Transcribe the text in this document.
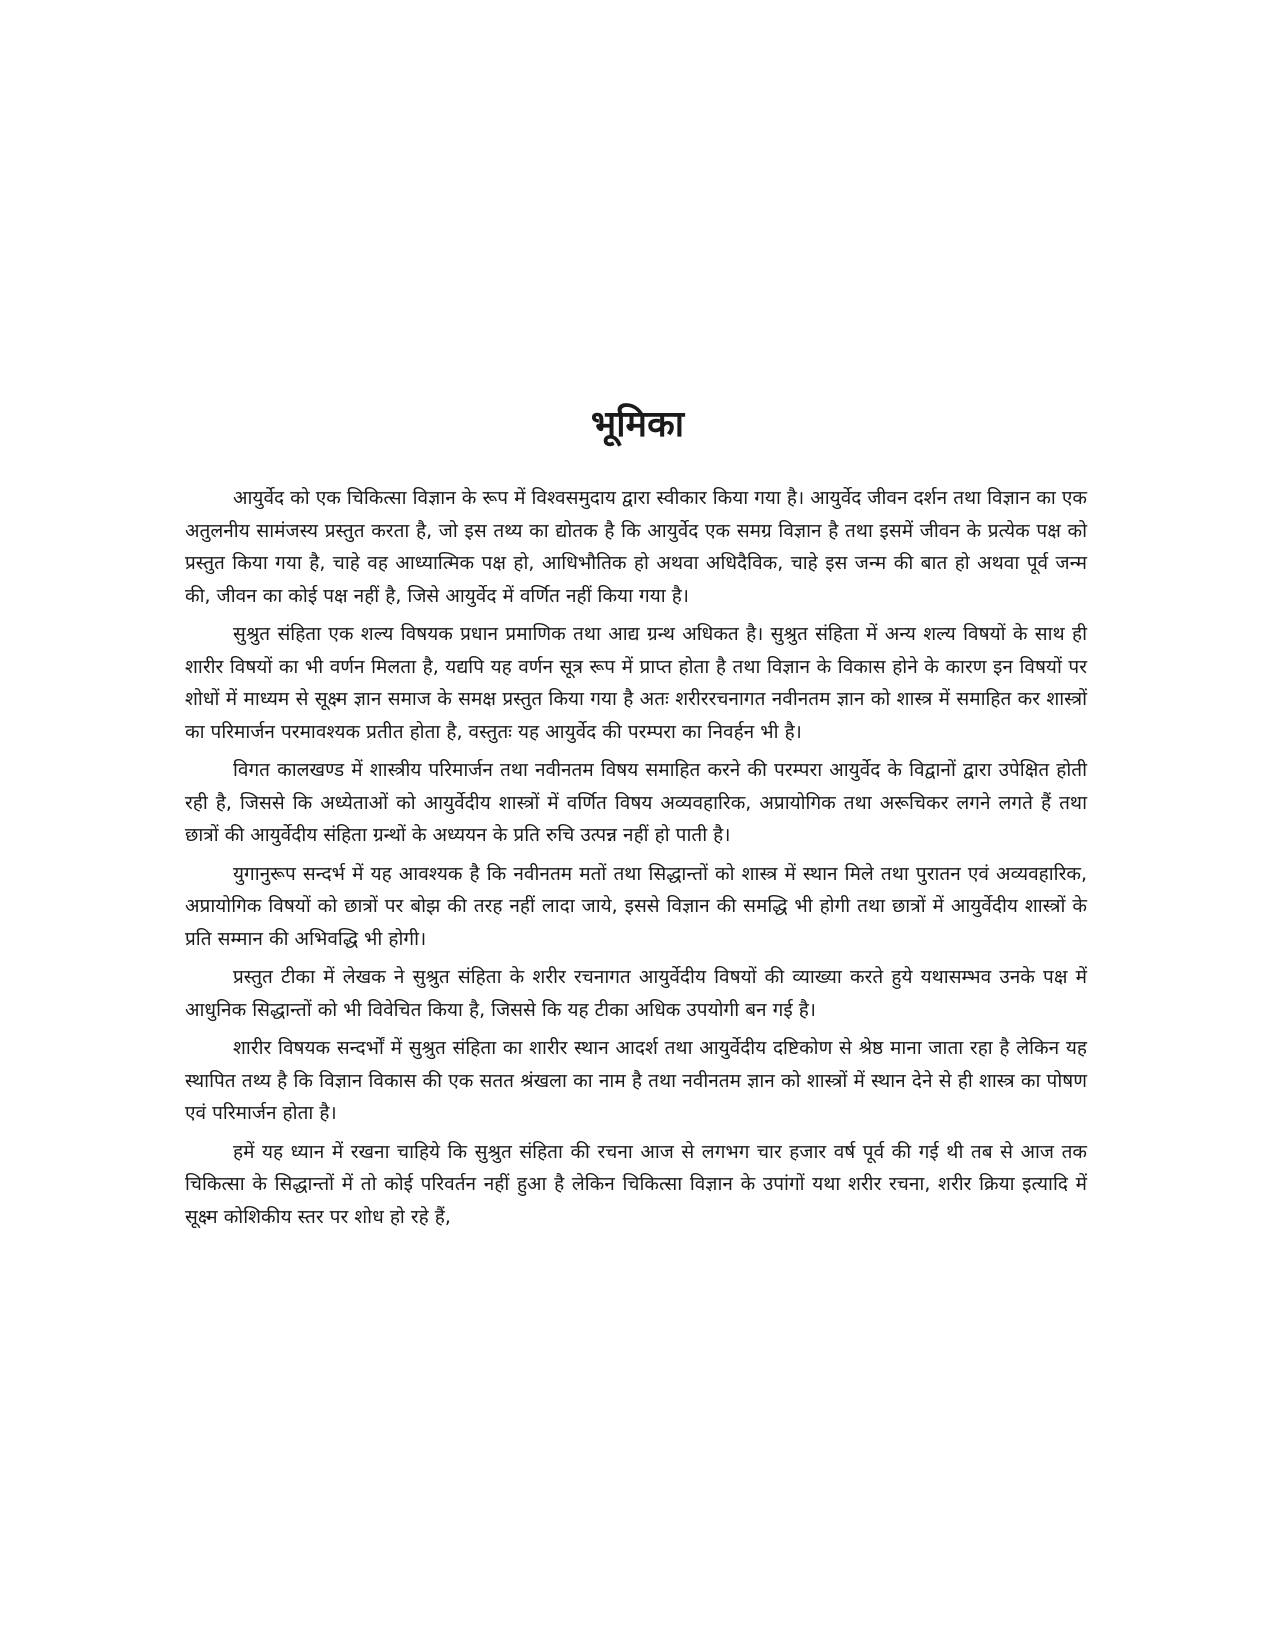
भूमिका

आयुर्वेद को एक चिकित्सा विज्ञान के रूप में विश्वसमुदाय द्वारा स्वीकार किया गया है। आयुर्वेद जीवन दर्शन तथा विज्ञान का एक अतुलनीय सामंजस्य प्रस्तुत करता है, जो इस तथ्य का द्योतक है कि आयुर्वेद एक समग्र विज्ञान है तथा इसमें जीवन के प्रत्येक पक्ष को प्रस्तुत किया गया है, चाहे वह आध्यात्मिक पक्ष हो, आधिभौतिक हो अथवा अधिदैविक, चाहे इस जन्म की बात हो अथवा पूर्व जन्म की, जीवन का कोई पक्ष नहीं है, जिसे आयुर्वेद में वर्णित नहीं किया गया है।

सुश्रुत संहिता एक शल्य विषयक प्रधान प्रमाणिक तथा आद्य ग्रन्थ अधिकत है। सुश्रुत संहिता में अन्य शल्य विषयों के साथ ही शारीर विषयों का भी वर्णन मिलता है, यद्यपि यह वर्णन सूत्र रूप में प्राप्त होता है तथा विज्ञान के विकास होने के कारण इन विषयों पर शोधों में माध्यम से सूक्ष्म ज्ञान समाज के समक्ष प्रस्तुत किया गया है अतः शरीररचनागत नवीनतम ज्ञान को शास्त्र में समाहित कर शास्त्रों का परिमार्जन परमावश्यक प्रतीत होता है, वस्तुतः यह आयुर्वेद की परम्परा का निवर्हन भी है।

विगत कालखण्ड में शास्त्रीय परिमार्जन तथा नवीनतम विषय समाहित करने की परम्परा आयुर्वेद के विद्वानों द्वारा उपेक्षित होती रही है, जिससे कि अध्येताओं को आयुर्वेदीय शास्त्रों में वर्णित विषय अव्यवहारिक, अप्रायोगिक तथा अरूचिकर लगने लगते हैं तथा छात्रों की आयुर्वेदीय संहिता ग्रन्थों के अध्ययन के प्रति रुचि उत्पन्न नहीं हो पाती है।

युगानुरूप सन्दर्भ में यह आवश्यक है कि नवीनतम मतों तथा सिद्धान्तों को शास्त्र में स्थान मिले तथा पुरातन एवं अव्यवहारिक, अप्रायोगिक विषयों को छात्रों पर बोझ की तरह नहीं लादा जाये, इससे विज्ञान की समद्धि भी होगी तथा छात्रों में आयुर्वेदीय शास्त्रों के प्रति सम्मान की अभिवद्धि भी होगी।

प्रस्तुत टीका में लेखक ने सुश्रुत संहिता के शरीर रचनागत आयुर्वेदीय विषयों की व्याख्या करते हुये यथासम्भव उनके पक्ष में आधुनिक सिद्धान्तों को भी विवेचित किया है, जिससे कि यह टीका अधिक उपयोगी बन गई है।

शारीर विषयक सन्दर्भों में सुश्रुत संहिता का शारीर स्थान आदर्श तथा आयुर्वेदीय दष्टिकोण से श्रेष्ठ माना जाता रहा है लेकिन यह स्थापित तथ्य है कि विज्ञान विकास की एक सतत श्रंखला का नाम है तथा नवीनतम ज्ञान को शास्त्रों में स्थान देने से ही शास्त्र का पोषण एवं परिमार्जन होता है।

हमें यह ध्यान में रखना चाहिये कि सुश्रुत संहिता की रचना आज से लगभग चार हजार वर्ष पूर्व की गई थी तब से आज तक चिकित्सा के सिद्धान्तों में तो कोई परिवर्तन नहीं हुआ है लेकिन चिकित्सा विज्ञान के उपांगों यथा शरीर रचना, शरीर क्रिया इत्यादि में सूक्ष्म कोशिकीय स्तर पर शोध हो रहे हैं,
